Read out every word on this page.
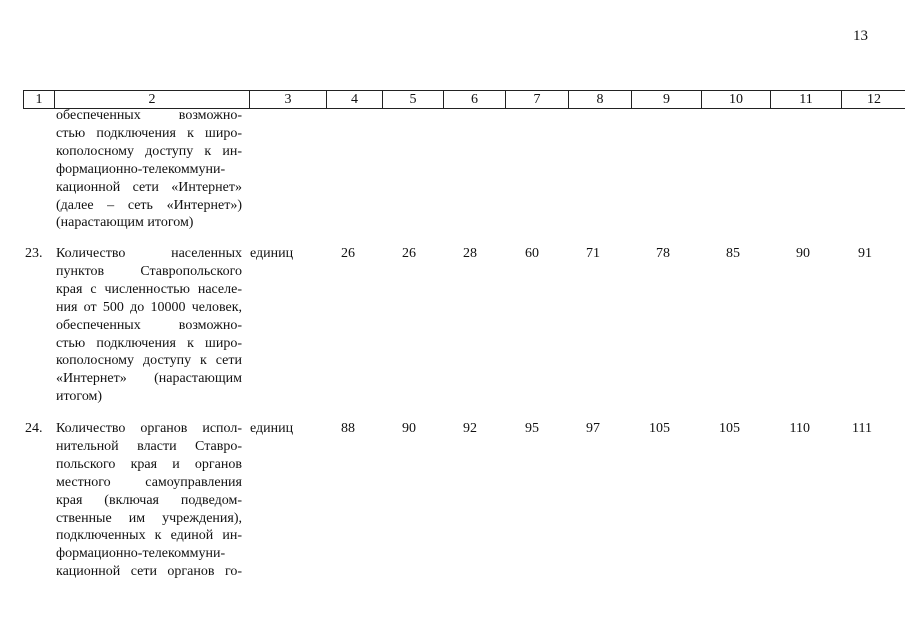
13
1	2	3	4	5	6	7	8	9	10	11	12
обеспеченных возможно-
стью подключения к широ-
кополосному доступу к ин-
формационно-телекоммуни-
кационной сети «Интернет»
(далее – сеть «Интернет»)
(нарастающим итогом)
23. Количество населенных
пунктов Ставропольского
края с численностью населе-
ния от 500 до 10000 человек,
обеспеченных возможно-
стью подключения к широ-
кополосному доступу к сети
«Интернет» (нарастающим
итогом)
единиц	26	26	28	60	71	78	85	90	91
24. Количество органов испол-
нительной власти Ставро-
польского края и органов
местного самоуправления
края (включая подведом-
ственные им учреждения),
подключенных к единой ин-
формационно-телекоммуни-
кационной сети органов го-
единиц	88	90	92	95	97	105	105	110	111
